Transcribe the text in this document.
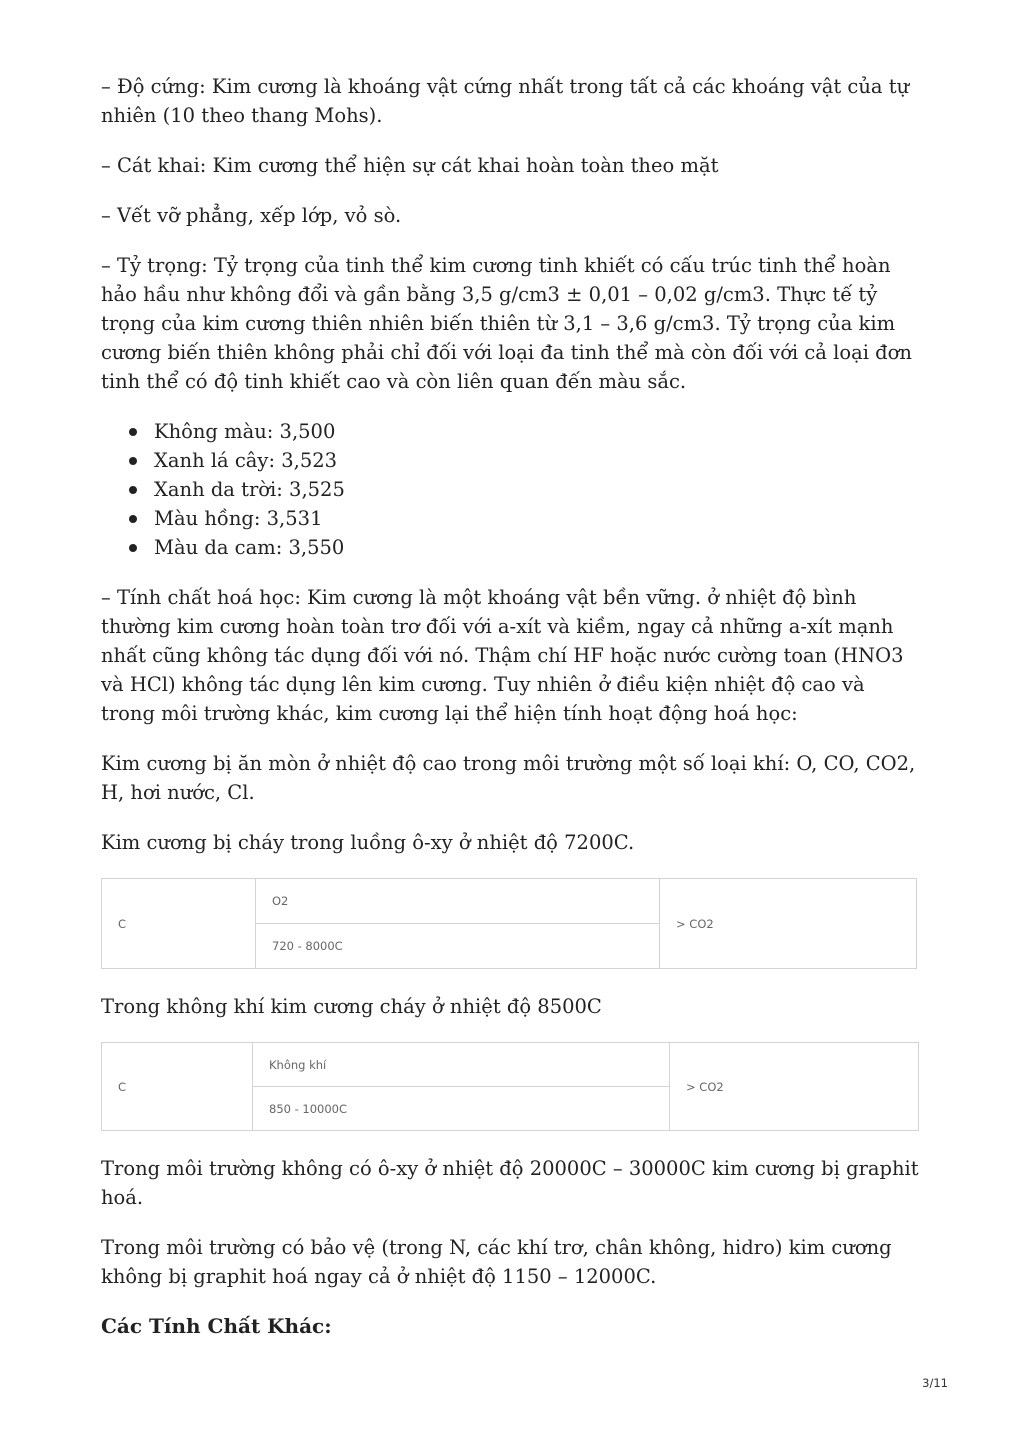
– Độ cứng: Kim cương là khoáng vật cứng nhất trong tất cả các khoáng vật của tự nhiên (10 theo thang Mohs).

– Cát khai: Kim cương thể hiện sự cát khai hoàn toàn theo mặt

– Vết vỡ phẳng, xếp lớp, vỏ sò.

– Tỷ trọng: Tỷ trọng của tinh thể kim cương tinh khiết có cấu trúc tinh thể hoàn hảo hầu như không đổi và gần bằng 3,5 g/cm3 ± 0,01 – 0,02 g/cm3. Thực tế tỷ trọng của kim cương thiên nhiên biến thiên từ 3,1 – 3,6 g/cm3. Tỷ trọng của kim cương biến thiên không phải chỉ đối với loại đa tinh thể mà còn đối với cả loại đơn tinh thể có độ tinh khiết cao và còn liên quan đến màu sắc.

Không màu: 3,500
Xanh lá cây: 3,523
Xanh da trời: 3,525
Màu hồng: 3,531
Màu da cam: 3,550

– Tính chất hoá học: Kim cương là một khoáng vật bền vững. ở nhiệt độ bình thường kim cương hoàn toàn trơ đối với a-xít và kiềm, ngay cả những a-xít mạnh nhất cũng không tác dụng đối với nó. Thậm chí HF hoặc nước cường toan (HNO3 và HCl) không tác dụng lên kim cương. Tuy nhiên ở điều kiện nhiệt độ cao và trong môi trường khác, kim cương lại thể hiện tính hoạt động hoá học:

Kim cương bị ăn mòn ở nhiệt độ cao trong môi trường một số loại khí: O, CO, CO2, H, hơi nước, Cl.

Kim cương bị cháy trong luồng ô-xy ở nhiệt độ 7200C.

C	O2	> CO2
720 - 8000C

Trong không khí kim cương cháy ở nhiệt độ 8500C

C	Không khí	> CO2
850 - 10000C

Trong môi trường không có ô-xy ở nhiệt độ 20000C – 30000C kim cương bị graphit hoá.

Trong môi trường có bảo vệ (trong N, các khí trơ, chân không, hidro) kim cương không bị graphit hoá ngay cả ở nhiệt độ 1150 – 12000C.

Các Tính Chất Khác:
3/11
